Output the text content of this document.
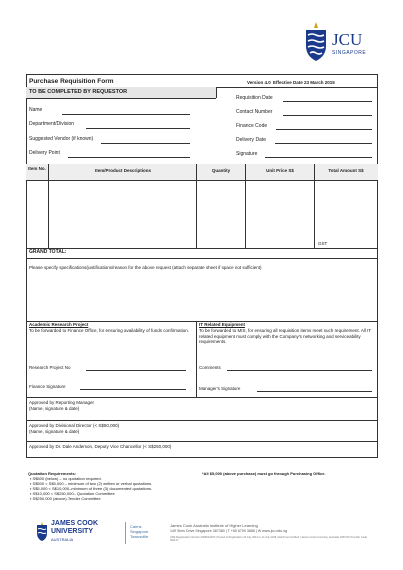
JCU
SINGAPORE
Purchase Requisition Form	Version 4.0 Effective Date 23 March 2015
TO BE COMPLETED BY REQUESTOR
Name
Department/Division
Suggested Vendor (if known)
Delivery Point
Requisition Date
Contact Number
Finance Code
Delivery Date
Signature
Item No.	Item/Product Descriptions	Quantity	Unit Price S$	Total Amount S$
GST
GRAND TOTAL:
Please specify specifications/justifications/reason for the above request (attach separate sheet if space not sufficient)
Academic Research Project
To be forwarded to Finance Office, for ensuring availability of funds confirmation.
Research Project No
Finance Signature
IT Related Equipment
To be forwarded to MIS, for ensuring all requisition items meet such requirement. All IT related equipment must comply with the Company's networking and serviceability requirements.
Comments
Manager's Signature
Approved by Reporting Manager
(Name, signature & date)
Approved by Divisional Director (< S$50,000)
(Name, signature & date)
Approved by Dr. Dale Anderson, Deputy Vice Chancellor (< S$250,000)
Quotation Requirements:
▪ S$500 (below) – no quotation required.
▪ S$500 < S$5,000 – minimum of two (2) written or verbal quotations.
▪ S$5,000 < S$10,000–minimum of three (3) documented quotations.
▪ S$10,000 < S$250,000– Quotation Committee
▪ S$250,000 (above)-Tender Committee
*All $5,000 (above purchase) must go through Purchasing Office.
JAMES COOK
UNIVERSITY
AUSTRALIA
Cairns
Singapore
Townsville
James Cook Australia Institute of Higher Learning
149 Sims Drive Singapore 387380 | T +65 6709 3888 | W www.jcu.edu.sg
CPE Registration Number 200601347D | Period of Registration 15 July 2014 to 14 July 2018 | EduTrust Certified | James Cook University, Australia CRICOS Provider Code 00117J
